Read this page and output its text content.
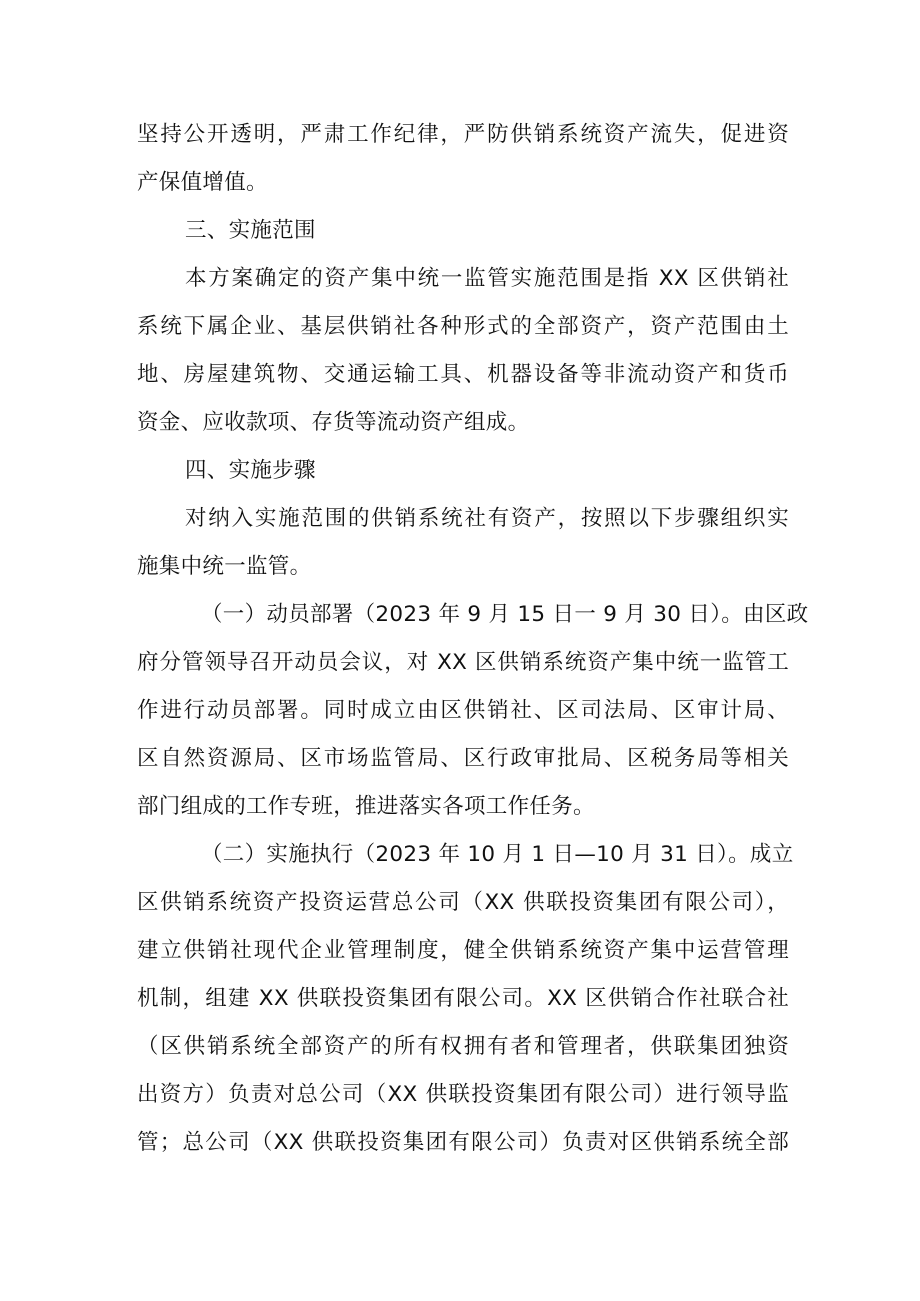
坚持公开透明，严肃工作纪律，严防供销系统资产流失，促进资
产保值增值。
三、实施范围
本方案确定的资产集中统一监管实施范围是指 XX 区供销社
系统下属企业、基层供销社各种形式的全部资产，资产范围由土
地、房屋建筑物、交通运输工具、机器设备等非流动资产和货币
资金、应收款项、存货等流动资产组成。
四、实施步骤
对纳入实施范围的供销系统社有资产，按照以下步骤组织实
施集中统一监管。
（一）动员部署（2023 年 9 月 15 日一 9 月 30 日）。由区政
府分管领导召开动员会议，对 XX 区供销系统资产集中统一监管工
作进行动员部署。同时成立由区供销社、区司法局、区审计局、
区自然资源局、区市场监管局、区行政审批局、区税务局等相关
部门组成的工作专班，推进落实各项工作任务。
（二）实施执行（2023 年 10 月 1 日—10 月 31 日）。成立
区供销系统资产投资运营总公司（XX 供联投资集团有限公司），
建立供销社现代企业管理制度，健全供销系统资产集中运营管理
机制，组建 XX 供联投资集团有限公司。XX 区供销合作社联合社
（区供销系统全部资产的所有权拥有者和管理者，供联集团独资
出资方）负责对总公司（XX 供联投资集团有限公司）进行领导监
管；总公司（XX 供联投资集团有限公司）负责对区供销系统全部
